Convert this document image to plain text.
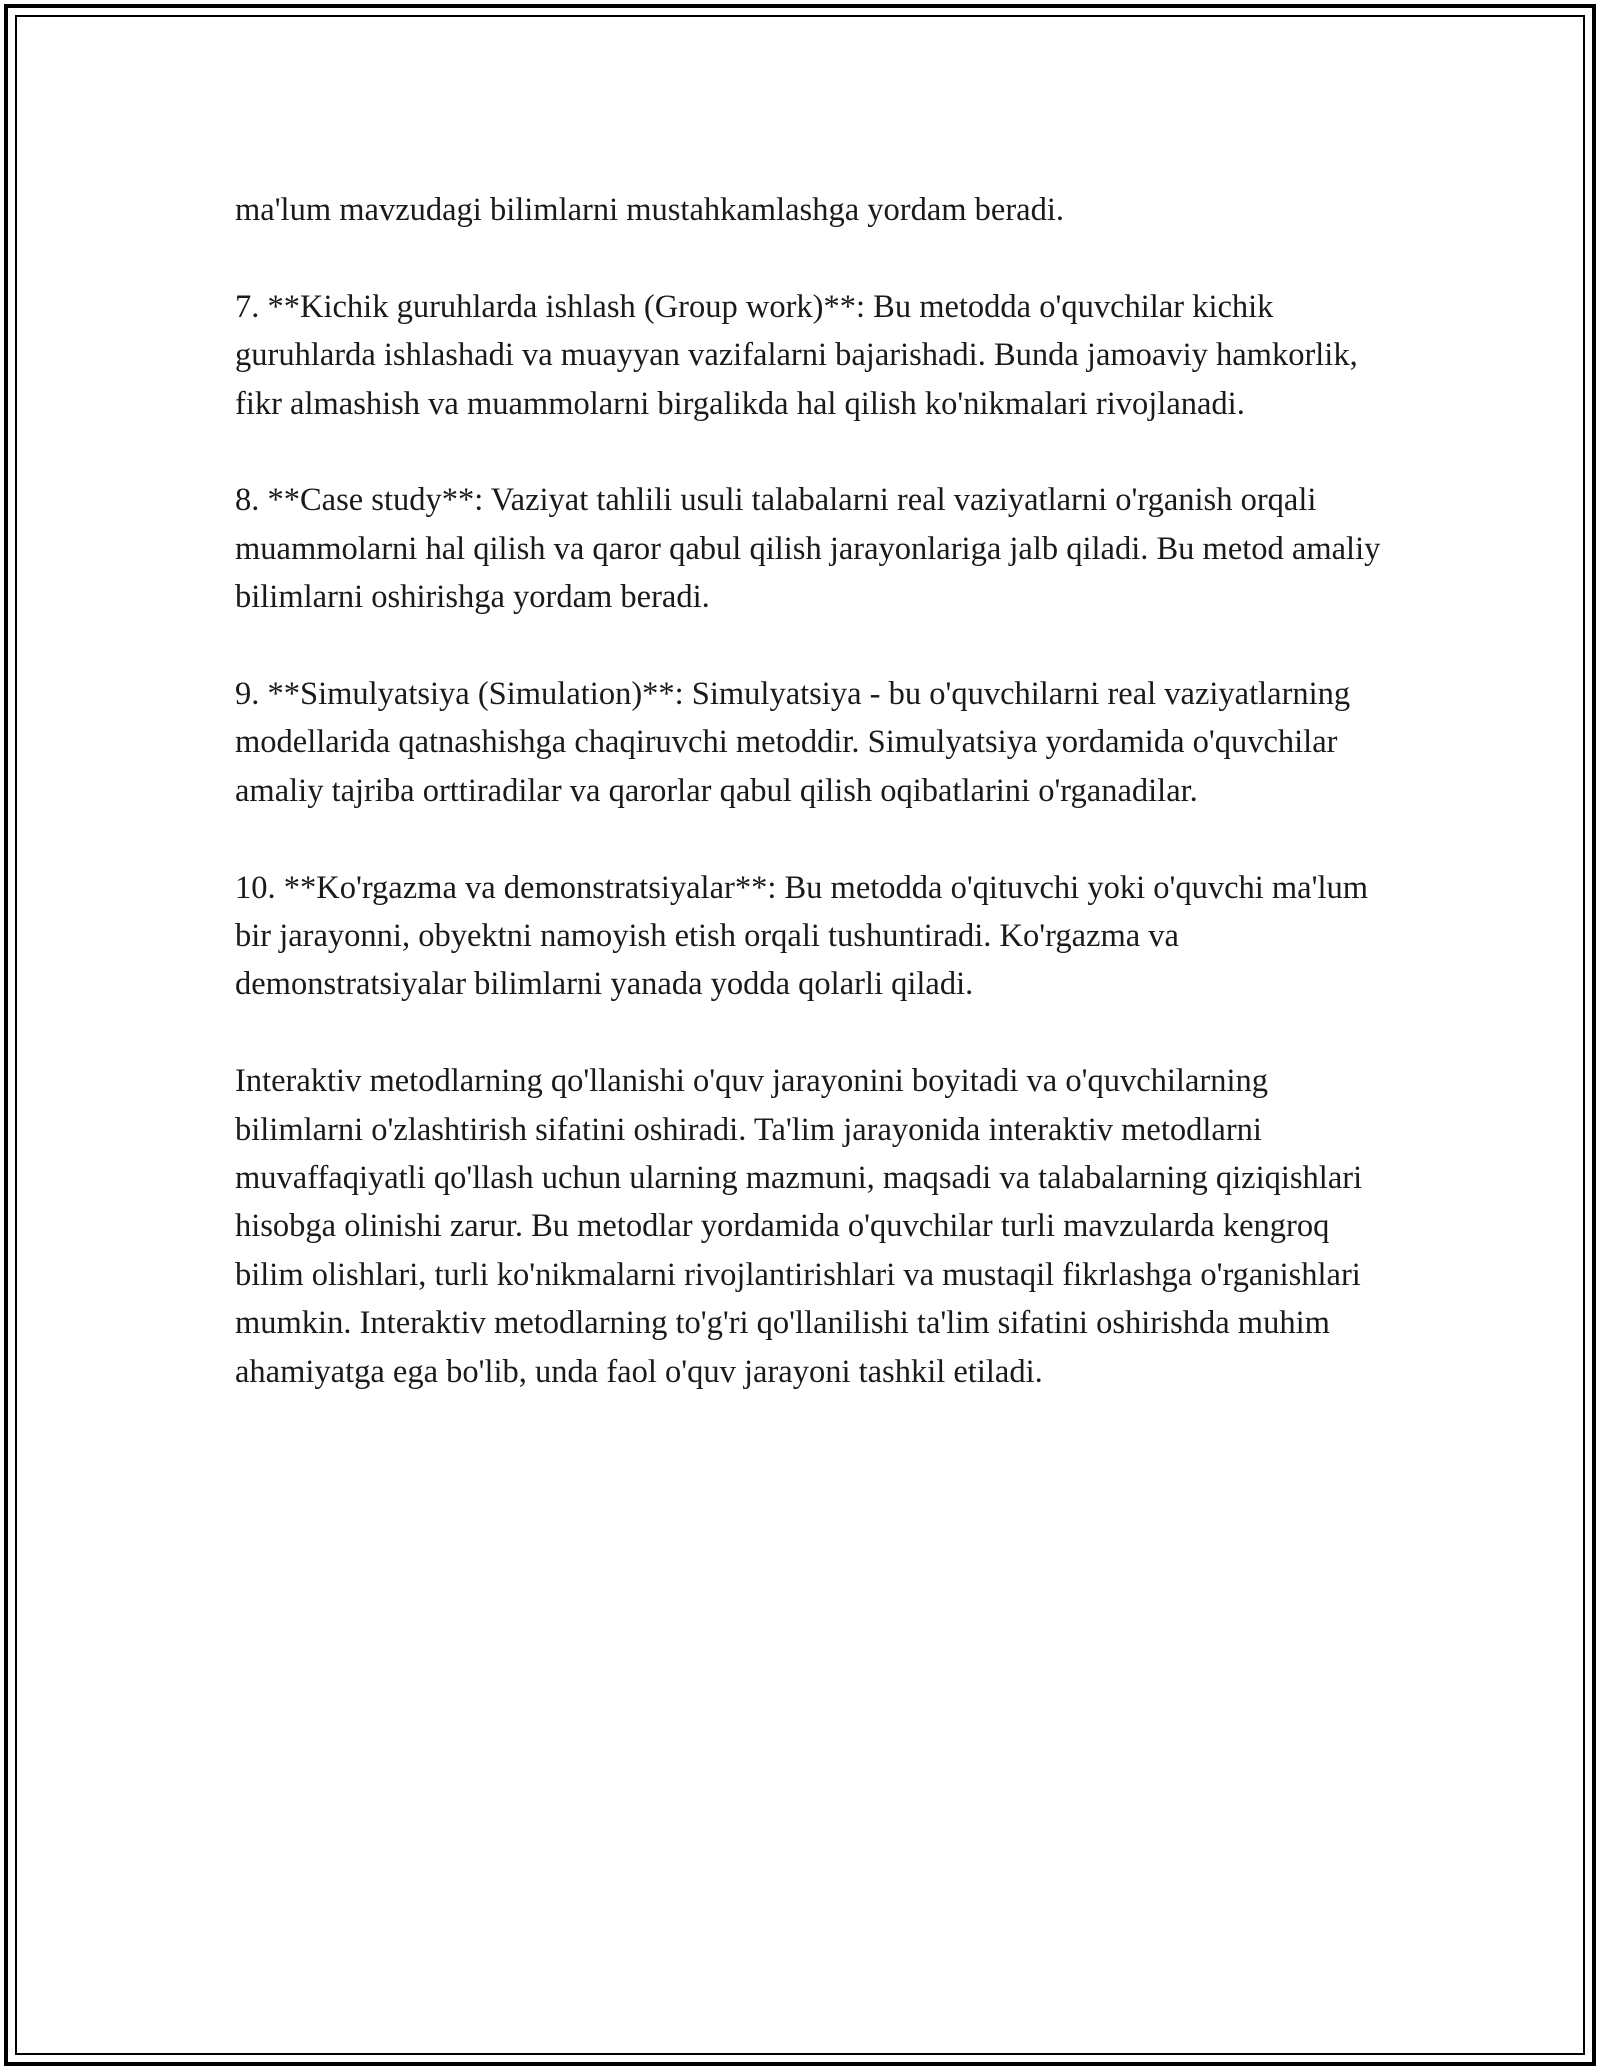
ma'lum mavzudagi bilimlarni mustahkamlashga yordam beradi.

7. **Kichik guruhlarda ishlash (Group work)**: Bu metodda o'quvchilar kichik guruhlarda ishlashadi va muayyan vazifalarni bajarishadi. Bunda jamoaviy hamkorlik, fikr almashish va muammolarni birgalikda hal qilish ko'nikmalari rivojlanadi.

8. **Case study**: Vaziyat tahlili usuli talabalarni real vaziyatlarni o'rganish orqali muammolarni hal qilish va qaror qabul qilish jarayonlariga jalb qiladi. Bu metod amaliy bilimlarni oshirishga yordam beradi.

9. **Simulyatsiya (Simulation)**: Simulyatsiya - bu o'quvchilarni real vaziyatlarning modellarida qatnashishga chaqiruvchi metoddir. Simulyatsiya yordamida o'quvchilar amaliy tajriba orttiradilar va qarorlar qabul qilish oqibatlarini o'rganadilar.

10. **Ko'rgazma va demonstratsiyalar**: Bu metodda o'qituvchi yoki o'quvchi ma'lum bir jarayonni, obyektni namoyish etish orqali tushuntiradi. Ko'rgazma va demonstratsiyalar bilimlarni yanada yodda qolarli qiladi.

Interaktiv metodlarning qo'llanishi o'quv jarayonini boyitadi va o'quvchilarning bilimlarni o'zlashtirish sifatini oshiradi. Ta'lim jarayonida interaktiv metodlarni muvaffaqiyatli qo'llash uchun ularning mazmuni, maqsadi va talabalarning qiziqishlari hisobga olinishi zarur. Bu metodlar yordamida o'quvchilar turli mavzularda kengroq bilim olishlari, turli ko'nikmalarni rivojlantirishlari va mustaqil fikrlashga o'rganishlari mumkin. Interaktiv metodlarning to'g'ri qo'llanilishi ta'lim sifatini oshirishda muhim ahamiyatga ega bo'lib, unda faol o'quv jarayoni tashkil etiladi.
